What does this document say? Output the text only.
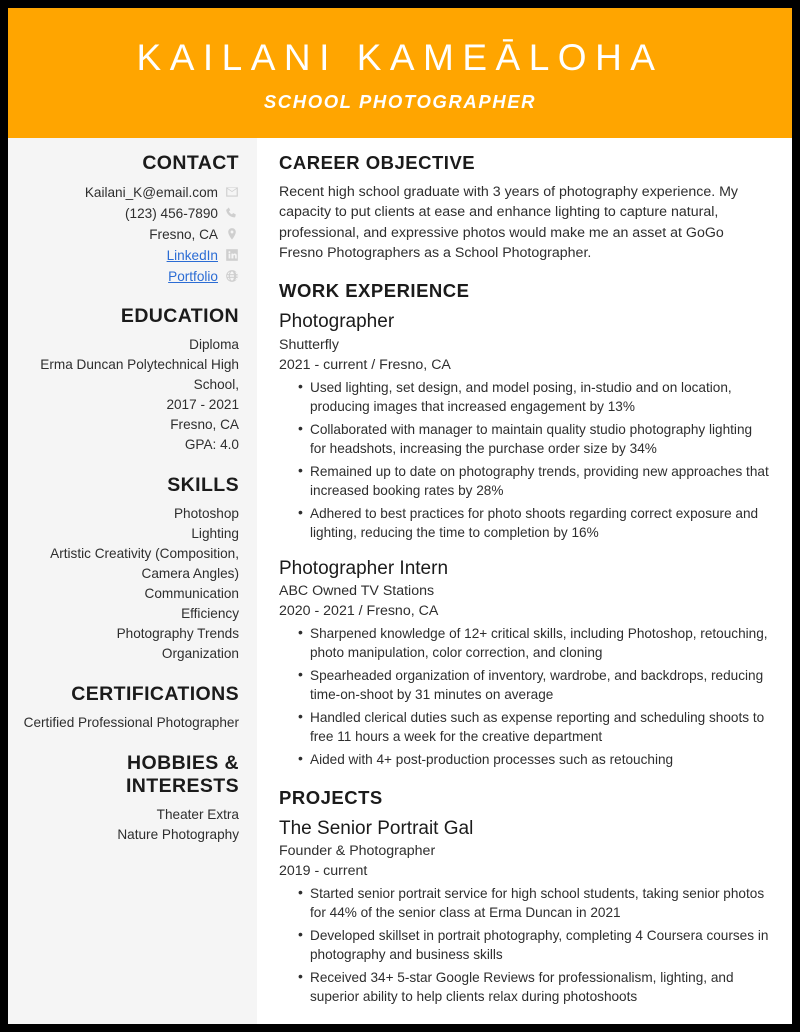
KAILANI KAMEĀLOHA
SCHOOL PHOTOGRAPHER
CONTACT
Kailani_K@email.com
(123) 456-7890
Fresno, CA
LinkedIn
Portfolio
EDUCATION
Diploma
Erma Duncan Polytechnical High School,
2017 - 2021
Fresno, CA
GPA: 4.0
SKILLS
Photoshop
Lighting
Artistic Creativity (Composition, Camera Angles)
Communication
Efficiency
Photography Trends
Organization
CERTIFICATIONS
Certified Professional Photographer
HOBBIES & INTERESTS
Theater Extra
Nature Photography
CAREER OBJECTIVE

Recent high school graduate with 3 years of photography experience. My capacity to put clients at ease and enhance lighting to capture natural, professional, and expressive photos would make me an asset at GoGo Fresno Photographers as a School Photographer.

WORK EXPERIENCE
Photographer
Shutterfly
2021 - current / Fresno, CA
• Used lighting, set design, and model posing, in-studio and on location, producing images that increased engagement by 13%
• Collaborated with manager to maintain quality studio photography lighting for headshots, increasing the purchase order size by 34%
• Remained up to date on photography trends, providing new approaches that increased booking rates by 28%
• Adhered to best practices for photo shoots regarding correct exposure and lighting, reducing the time to completion by 16%
Photographer Intern
ABC Owned TV Stations
2020 - 2021 / Fresno, CA
• Sharpened knowledge of 12+ critical skills, including Photoshop, retouching, photo manipulation, color correction, and cloning
• Spearheaded organization of inventory, wardrobe, and backdrops, reducing time-on-shoot by 31 minutes on average
• Handled clerical duties such as expense reporting and scheduling shoots to free 11 hours a week for the creative department
• Aided with 4+ post-production processes such as retouching
PROJECTS
The Senior Portrait Gal
Founder & Photographer
2019 - current
• Started senior portrait service for high school students, taking senior photos for 44% of the senior class at Erma Duncan in 2021
• Developed skillset in portrait photography, completing 4 Coursera courses in photography and business skills
• Received 34+ 5-star Google Reviews for professionalism, lighting, and superior ability to help clients relax during photoshoots
